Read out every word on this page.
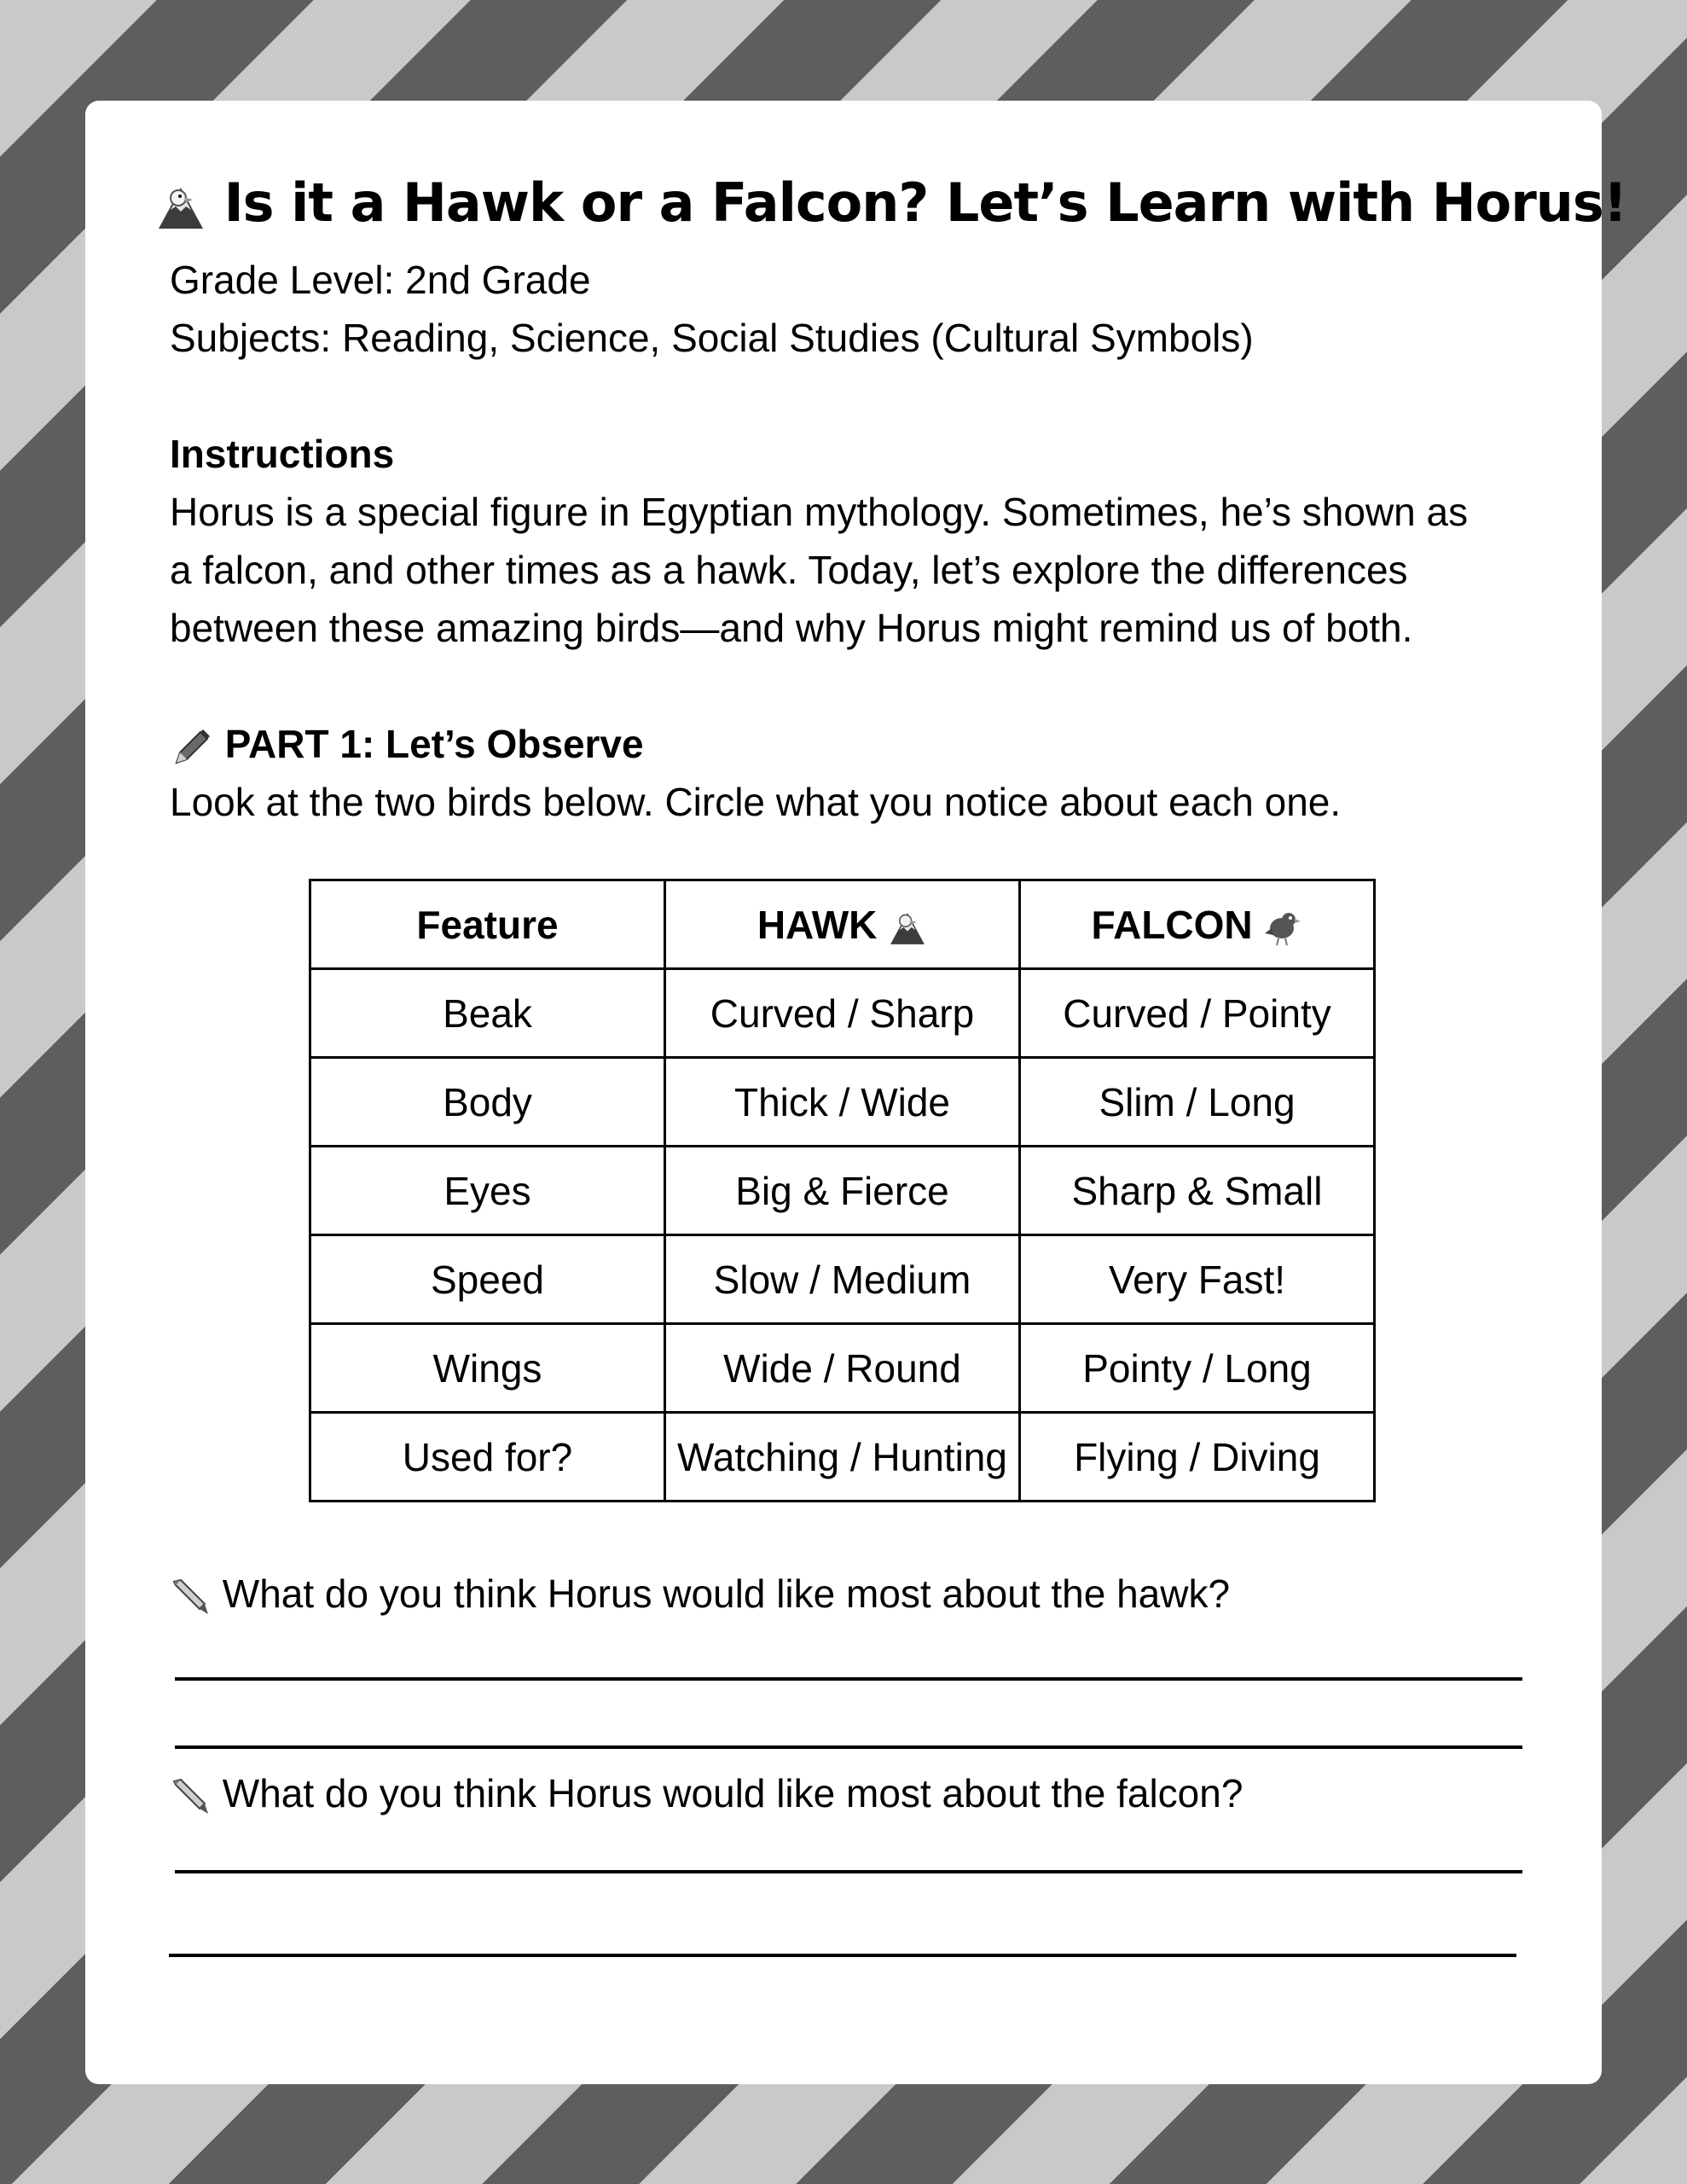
Is it a Hawk or a Falcon? Let’s Learn with Horus!
Grade Level: 2nd Grade
Subjects: Reading, Science, Social Studies (Cultural Symbols)
Instructions
Horus is a special figure in Egyptian mythology. Sometimes, he’s shown as
a falcon, and other times as a hawk. Today, let’s explore the differences
between these amazing birds—and why Horus might remind us of both.
PART 1: Let’s Observe
Look at the two birds below. Circle what you notice about each one.
Feature	HAWK	FALCON
Beak	Curved / Sharp	Curved / Pointy
Body	Thick / Wide	Slim / Long
Eyes	Big & Fierce	Sharp & Small
Speed	Slow / Medium	Very Fast!
Wings	Wide / Round	Pointy / Long
Used for?	Watching / Hunting	Flying / Diving
What do you think Horus would like most about the hawk?
What do you think Horus would like most about the falcon?
